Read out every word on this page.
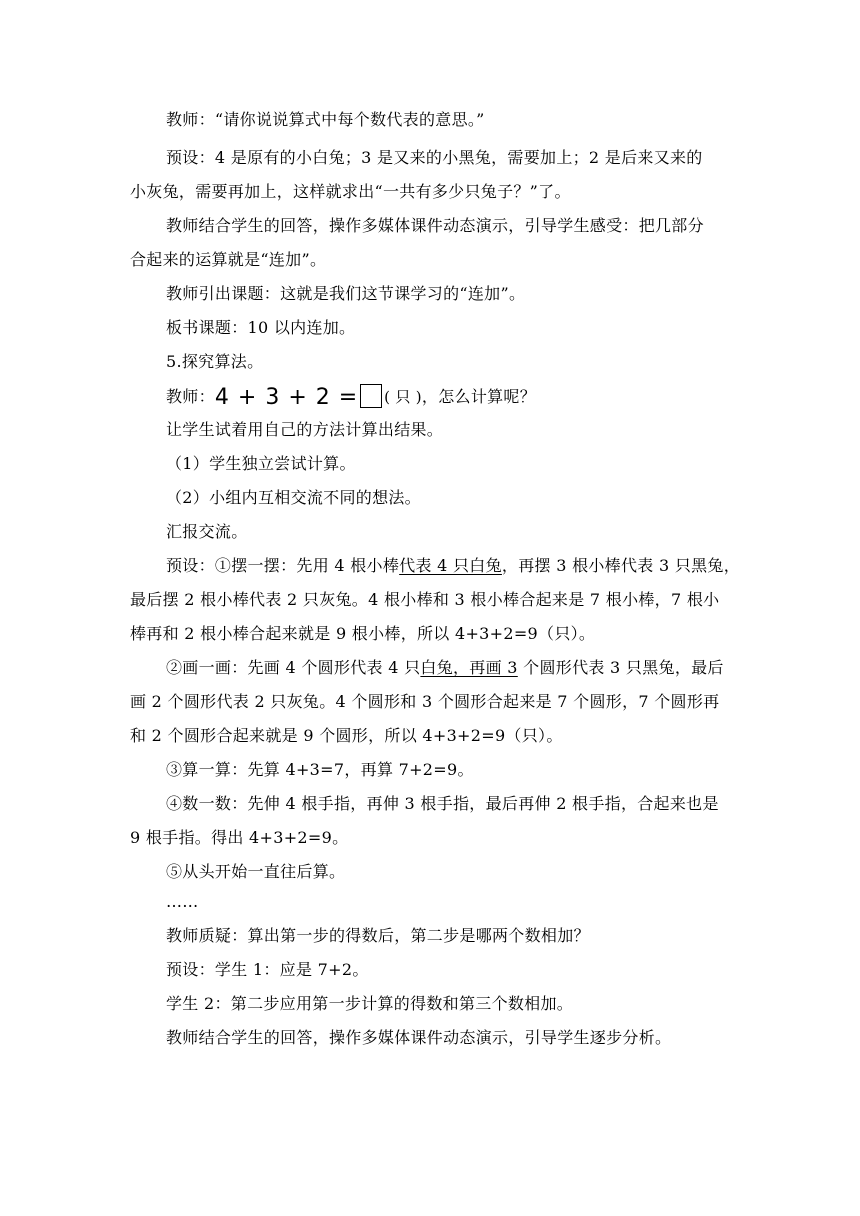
教师：“请你说说算式中每个数代表的意思。”
预设：4 是原有的小白兔；3 是又来的小黑兔，需要加上；2 是后来又来的
小灰兔，需要再加上，这样就求出“一共有多少只兔子？”了。
教师结合学生的回答，操作多媒体课件动态演示，引导学生感受：把几部分
合起来的运算就是“连加”。
教师引出课题：这就是我们这节课学习的“连加”。
板书课题：10 以内连加。
5.探究算法。
教师：4 + 3 + 2 = ( 只 )，怎么计算呢？
让学生试着用自己的方法计算出结果。
（1）学生独立尝试计算。
（2）小组内互相交流不同的想法。
汇报交流。
预设：①摆一摆：先用 4 根小棒代表 4 只白兔，再摆 3 根小棒代表 3 只黑兔，
最后摆 2 根小棒代表 2 只灰兔。4 根小棒和 3 根小棒合起来是 7 根小棒，7 根小
棒再和 2 根小棒合起来就是 9 根小棒，所以 4+3+2=9（只）。
②画一画：先画 4 个圆形代表 4 只白兔，再画 3 个圆形代表 3 只黑兔，最后
画 2 个圆形代表 2 只灰兔。4 个圆形和 3 个圆形合起来是 7 个圆形，7 个圆形再
和 2 个圆形合起来就是 9 个圆形，所以 4+3+2=9（只）。
③算一算：先算 4+3=7，再算 7+2=9。
④数一数：先伸 4 根手指，再伸 3 根手指，最后再伸 2 根手指，合起来也是
9 根手指。得出 4+3+2=9。
⑤从头开始一直往后算。
……
教师质疑：算出第一步的得数后，第二步是哪两个数相加？
预设：学生 1：应是 7+2。
学生 2：第二步应用第一步计算的得数和第三个数相加。
教师结合学生的回答，操作多媒体课件动态演示，引导学生逐步分析。
